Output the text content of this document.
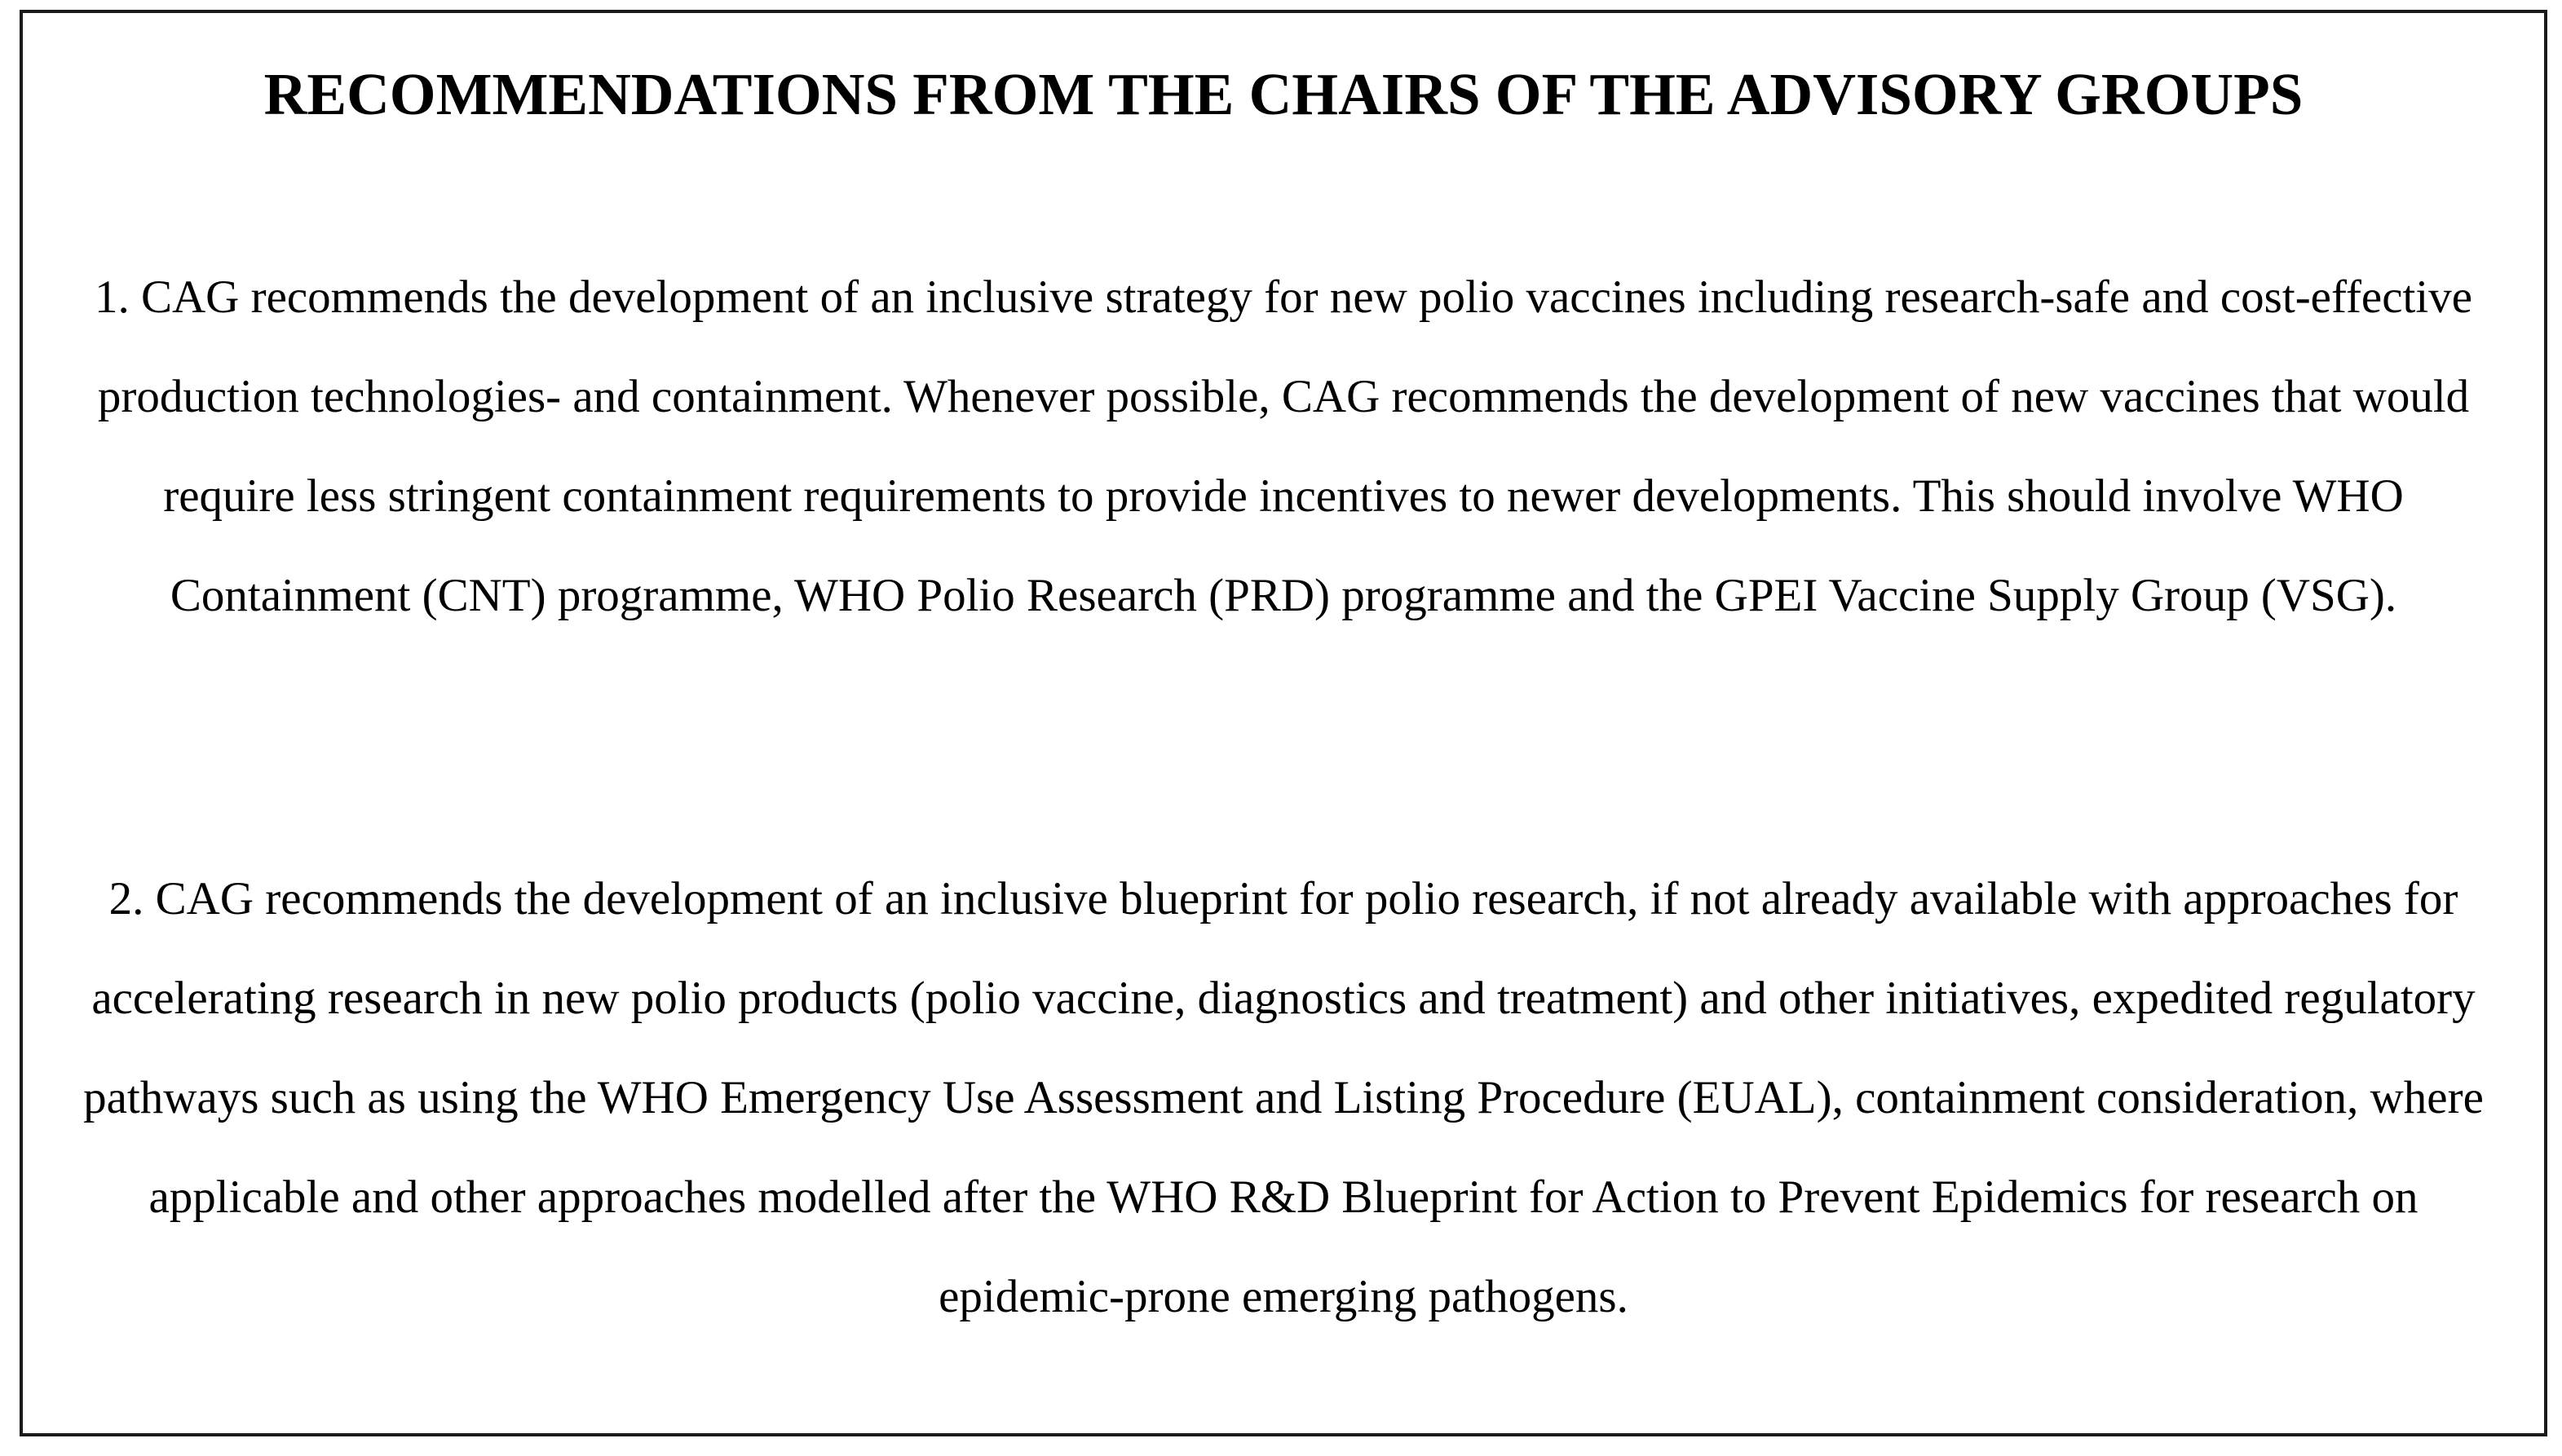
RECOMMENDATIONS FROM THE CHAIRS OF THE ADVISORY GROUPS

1. CAG recommends the development of an inclusive strategy for new polio vaccines including research-safe and cost-effective production technologies- and containment. Whenever possible, CAG recommends the development of new vaccines that would require less stringent containment requirements to provide incentives to newer developments. This should involve WHO Containment (CNT) programme, WHO Polio Research (PRD) programme and the GPEI Vaccine Supply Group (VSG).

2. CAG recommends the development of an inclusive blueprint for polio research, if not already available with approaches for accelerating research in new polio products (polio vaccine, diagnostics and treatment) and other initiatives, expedited regulatory pathways such as using the WHO Emergency Use Assessment and Listing Procedure (EUAL), containment consideration, where applicable and other approaches modelled after the WHO R&D Blueprint for Action to Prevent Epidemics for research on epidemic-prone emerging pathogens.
